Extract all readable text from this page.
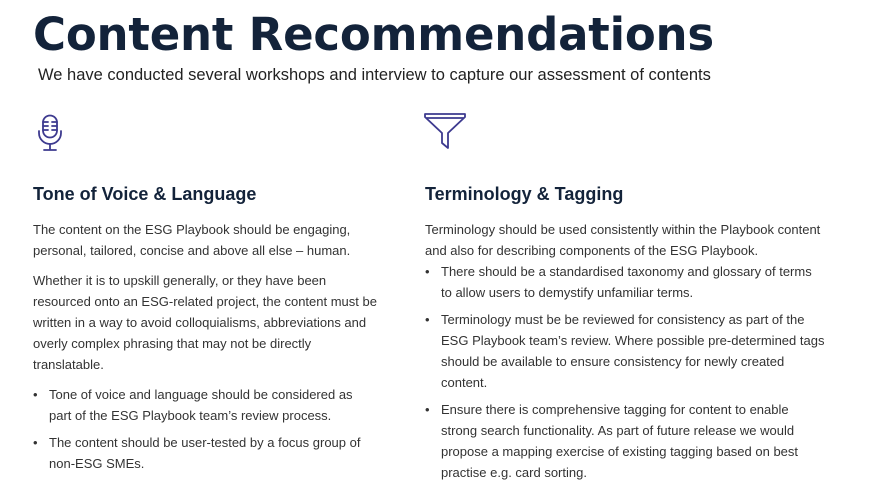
Content Recommendations

We have conducted several workshops and interview to capture our assessment of contents

Tone of Voice & Language

The content on the ESG Playbook should be engaging, personal, tailored, concise and above all else – human.

Whether it is to upskill generally, or they have been resourced onto an ESG-related project, the content must be written in a way to avoid colloquialisms, abbreviations and overly complex phrasing that may not be directly translatable.

• Tone of voice and language should be considered as part of the ESG Playbook team’s review process.
• The content should be user-tested by a focus group of non-ESG SMEs.
Terminology & Tagging

Terminology should be used consistently within the Playbook content and also for describing components of the ESG Playbook.

• There should be a standardised taxonomy and glossary of terms to allow users to demystify unfamiliar terms.
• Terminology must be be reviewed for consistency as part of the ESG Playbook team’s review. Where possible pre-determined tags should be available to ensure consistency for newly created content.
• Ensure there is comprehensive tagging for content to enable strong search functionality. As part of future release we would propose a mapping exercise of existing tagging based on best practise e.g. card sorting.
